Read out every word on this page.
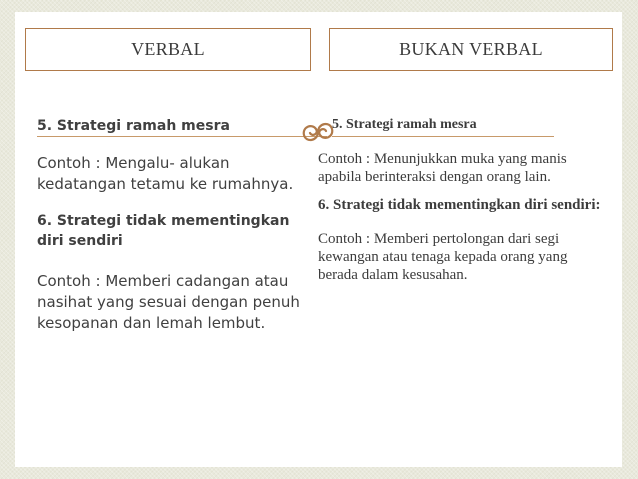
VERBAL	BUKAN VERBAL
5. Strategi ramah mesra
Contoh : Mengalu- alukan kedatangan tetamu ke rumahnya.
6. Strategi tidak mementingkan diri sendiri
Contoh : Memberi cadangan atau nasihat yang sesuai dengan penuh kesopanan dan lemah lembut.
5. Strategi ramah mesra
Contoh : Menunjukkan muka yang manis apabila berinteraksi dengan orang lain.
6. Strategi tidak mementingkan diri sendiri:
Contoh : Memberi pertolongan dari segi kewangan atau tenaga kepada orang yang berada dalam kesusahan.
